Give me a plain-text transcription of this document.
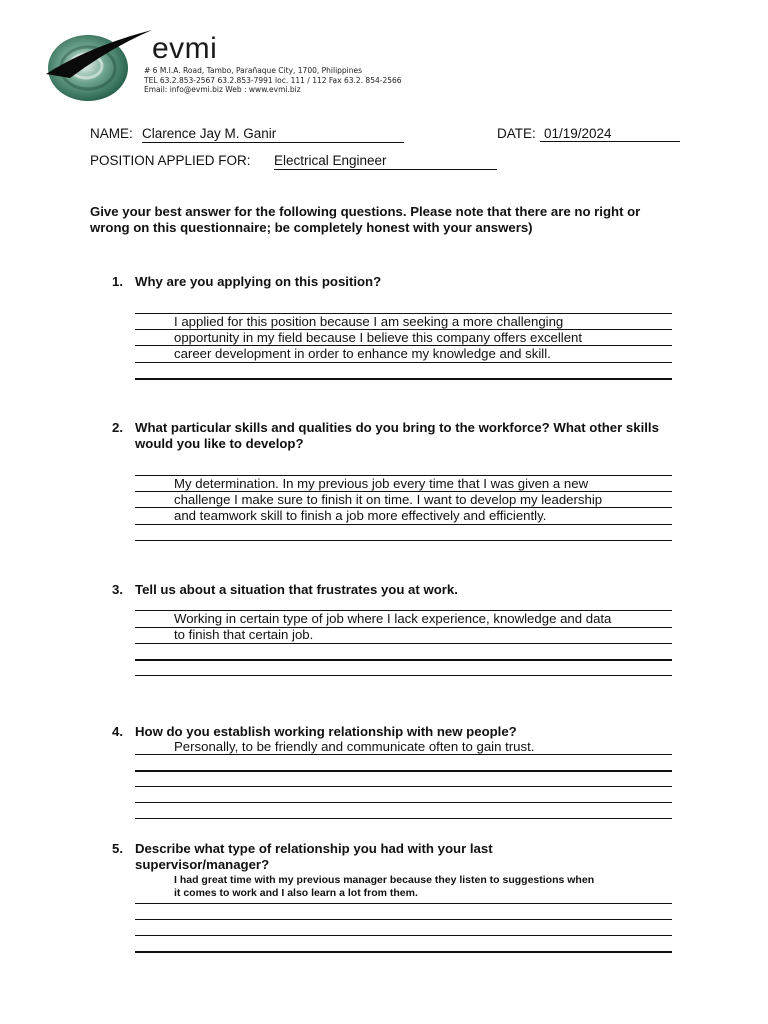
evmi
# 6 M.I.A. Road, Tambo, Parañaque City, 1700, Philippines
TEL 63.2.853-2567 63.2.853-7991 loc. 111 / 112 Fax 63.2. 854-2566
Email: info@evmi.biz Web : www.evmi.biz
NAME: Clarence Jay M. Ganir	DATE: 01/19/2024
POSITION APPLIED FOR: Electrical Engineer
Give your best answer for the following questions. Please note that there are no right or wrong on this questionnaire; be completely honest with your answers)
1. Why are you applying on this position?
I applied for this position because I am seeking a more challenging
opportunity in my field because I believe this company offers excellent
career development in order to enhance my knowledge and skill.
2. What particular skills and qualities do you bring to the workforce? What other skills would you like to develop?
My determination. In my previous job every time that I was given a new
challenge I make sure to finish it on time. I want to develop my leadership
and teamwork skill to finish a job more effectively and efficiently.
3. Tell us about a situation that frustrates you at work.
Working in certain type of job where I lack experience, knowledge and data
to finish that certain job.
4. How do you establish working relationship with new people?
Personally, to be friendly and communicate often to gain trust.
5. Describe what type of relationship you had with your last supervisor/manager?
I had great time with my previous manager because they listen to suggestions when
it comes to work and I also learn a lot from them.
